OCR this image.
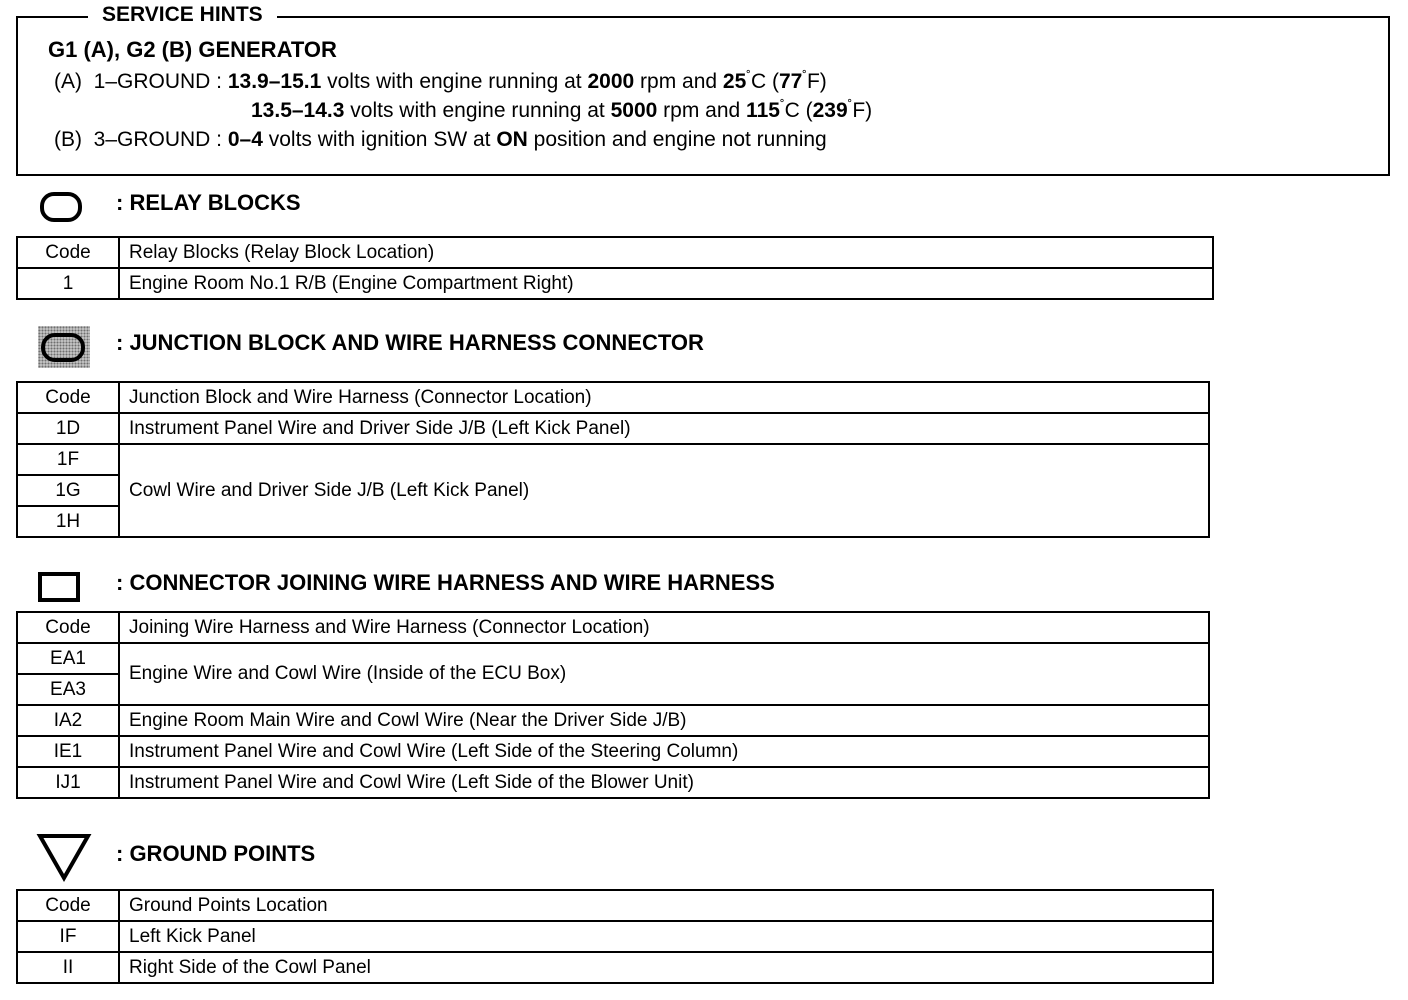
SERVICE HINTS
G1 (A), G2 (B) GENERATOR
(A)  1–GROUND : 13.9–15.1 volts with engine running at 2000 rpm and 25˚C (77˚F)
13.5–14.3 volts with engine running at 5000 rpm and 115˚C (239˚F)
(B)  3–GROUND : 0–4 volts with ignition SW at ON position and engine not running
: RELAY BLOCKS
Code	Relay Blocks (Relay Block Location)
1	Engine Room No.1 R/B (Engine Compartment Right)
: JUNCTION BLOCK AND WIRE HARNESS CONNECTOR
Code	Junction Block and Wire Harness (Connector Location)
1D	Instrument Panel Wire and Driver Side J/B (Left Kick Panel)
1F	Cowl Wire and Driver Side J/B (Left Kick Panel)
1G	
1H	
: CONNECTOR JOINING WIRE HARNESS AND WIRE HARNESS
Code	Joining Wire Harness and Wire Harness (Connector Location)
EA1	Engine Wire and Cowl Wire (Inside of the ECU Box)
EA3	
IA2	Engine Room Main Wire and Cowl Wire (Near the Driver Side J/B)
IE1	Instrument Panel Wire and Cowl Wire (Left Side of the Steering Column)
IJ1	Instrument Panel Wire and Cowl Wire (Left Side of the Blower Unit)
: GROUND POINTS
Code	Ground Points Location
IF	Left Kick Panel
II	Right Side of the Cowl Panel
